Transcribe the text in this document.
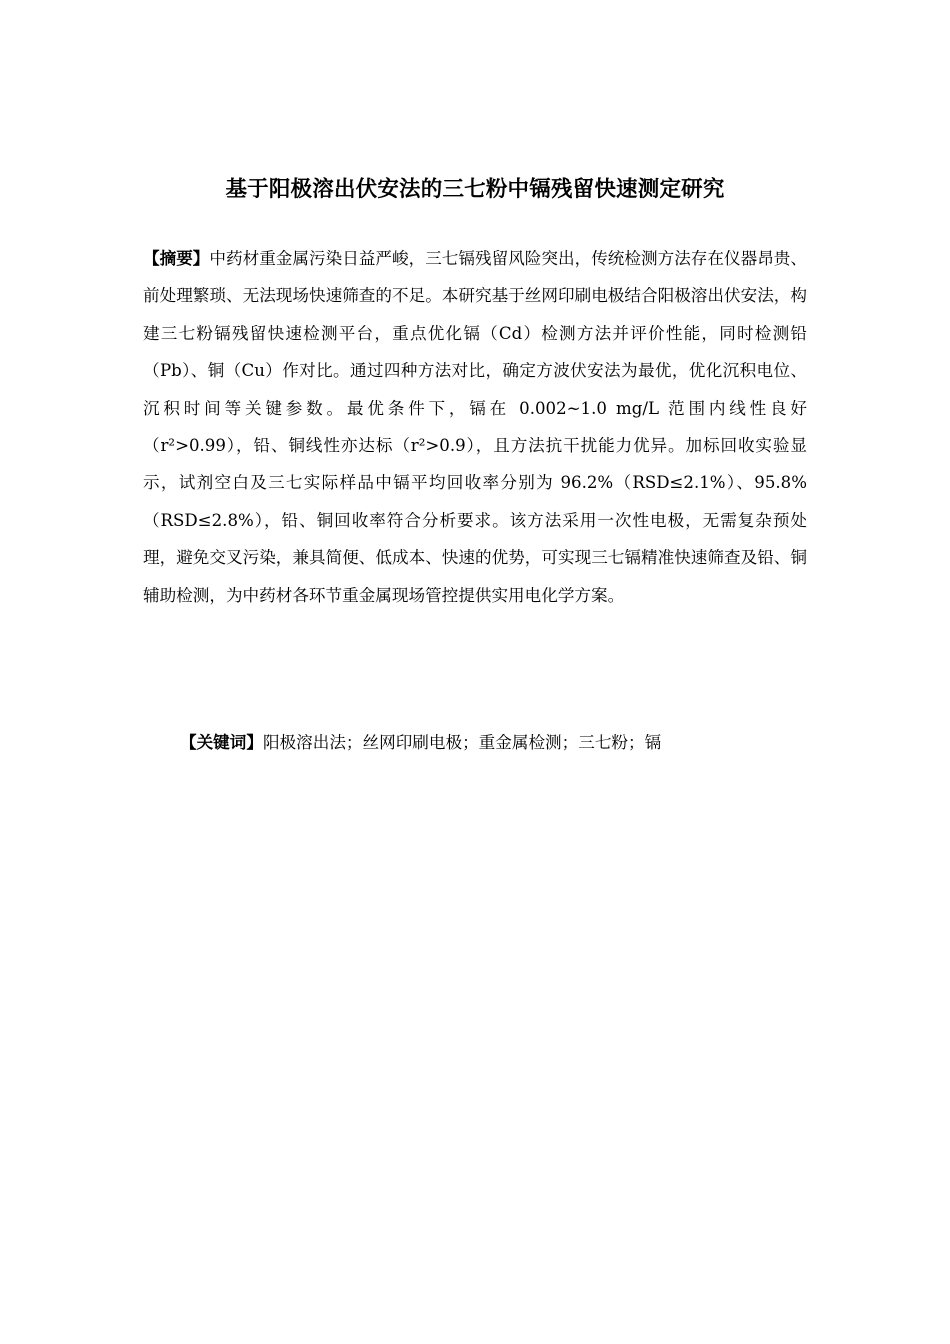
基于阳极溶出伏安法的三七粉中镉残留快速测定研究

【摘要】中药材重金属污染日益严峻，三七镉残留风险突出，传统检测方法存在仪器昂贵、前处理繁琐、无法现场快速筛查的不足。本研究基于丝网印刷电极结合阳极溶出伏安法，构建三七粉镉残留快速检测平台，重点优化镉（Cd）检测方法并评价性能，同时检测铅（Pb）、铜（Cu）作对比。通过四种方法对比，确定方波伏安法为最优，优化沉积电位、沉积时间等关键参数。最优条件下，镉在 0.002~1.0 mg/L 范围内线性良好（r²>0.99），铅、铜线性亦达标（r²>0.9），且方法抗干扰能力优异。加标回收实验显示，试剂空白及三七实际样品中镉平均回收率分别为 96.2%（RSD≤2.1%）、95.8%（RSD≤2.8%），铅、铜回收率符合分析要求。该方法采用一次性电极，无需复杂预处理，避免交叉污染，兼具简便、低成本、快速的优势，可实现三七镉精准快速筛查及铅、铜辅助检测，为中药材各环节重金属现场管控提供实用电化学方案。

【关键词】阳极溶出法；丝网印刷电极；重金属检测；三七粉；镉
